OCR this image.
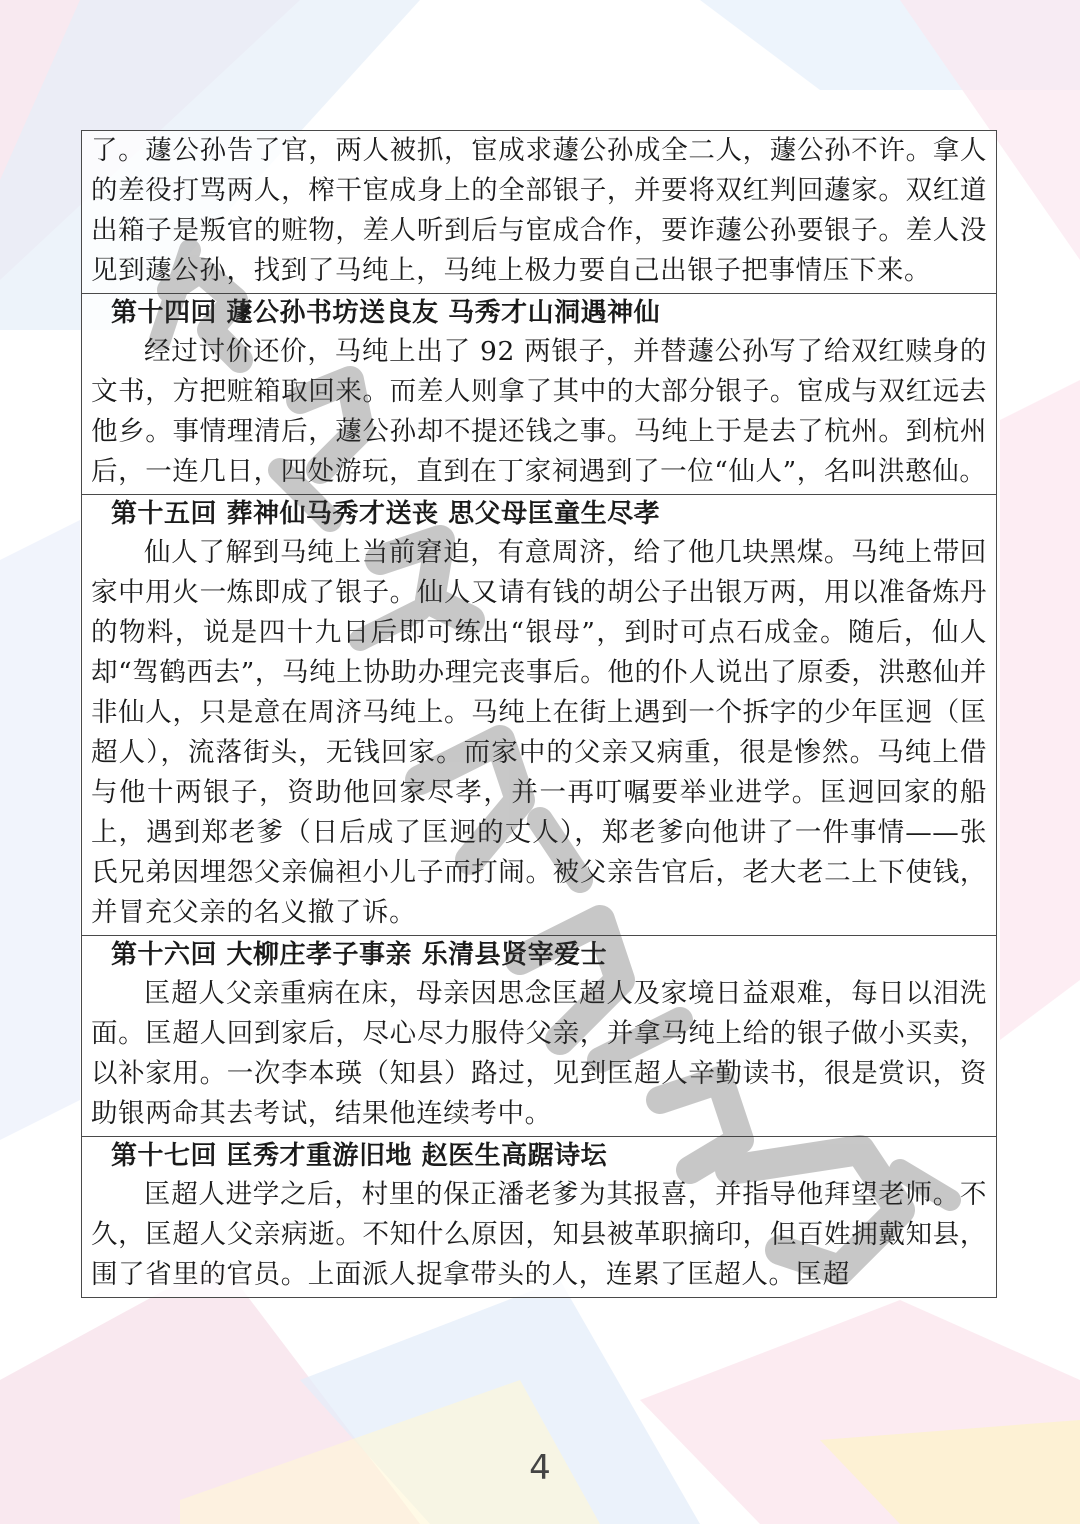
了。蘧公孙告了官，两人被抓，宦成求蘧公孙成全二人，蘧公孙不许。拿人的差役打骂两人，榨干宦成身上的全部银子，并要将双红判回蘧家。双红道出箱子是叛官的赃物，差人听到后与宦成合作，要诈蘧公孙要银子。差人没见到蘧公孙，找到了马纯上，马纯上极力要自己出银子把事情压下来。

第十四回 蘧公孙书坊送良友 马秀才山洞遇神仙

经过讨价还价，马纯上出了 92 两银子，并替蘧公孙写了给双红赎身的文书，方把赃箱取回来。而差人则拿了其中的大部分银子。宦成与双红远去他乡。事情理清后，蘧公孙却不提还钱之事。马纯上于是去了杭州。到杭州后，一连几日，四处游玩，直到在丁家祠遇到了一位“仙人”，名叫洪憨仙。

第十五回 葬神仙马秀才送丧 思父母匡童生尽孝

仙人了解到马纯上当前窘迫，有意周济，给了他几块黑煤。马纯上带回家中用火一炼即成了银子。仙人又请有钱的胡公子出银万两，用以准备炼丹的物料，说是四十九日后即可练出“银母”，到时可点石成金。随后，仙人却“驾鹤西去”，马纯上协助办理完丧事后。他的仆人说出了原委，洪憨仙并非仙人，只是意在周济马纯上。马纯上在街上遇到一个拆字的少年匡迥（匡超人），流落街头，无钱回家。而家中的父亲又病重，很是惨然。马纯上借与他十两银子，资助他回家尽孝，并一再叮嘱要举业进学。匡迥回家的船上，遇到郑老爹（日后成了匡迥的丈人），郑老爹向他讲了一件事情——张氏兄弟因埋怨父亲偏袒小儿子而打闹。被父亲告官后，老大老二上下使钱，并冒充父亲的名义撤了诉。

第十六回 大柳庄孝子事亲 乐清县贤宰爱士

匡超人父亲重病在床，母亲因思念匡超人及家境日益艰难，每日以泪洗面。匡超人回到家后，尽心尽力服侍父亲，并拿马纯上给的银子做小买卖，以补家用。一次李本瑛（知县）路过，见到匡超人辛勤读书，很是赏识，资助银两命其去考试，结果他连续考中。

第十七回 匡秀才重游旧地 赵医生高踞诗坛

匡超人进学之后，村里的保正潘老爹为其报喜，并指导他拜望老师。不久，匡超人父亲病逝。不知什么原因，知县被革职摘印，但百姓拥戴知县，围了省里的官员。上面派人捉拿带头的人，连累了匡超人。匡超

4
